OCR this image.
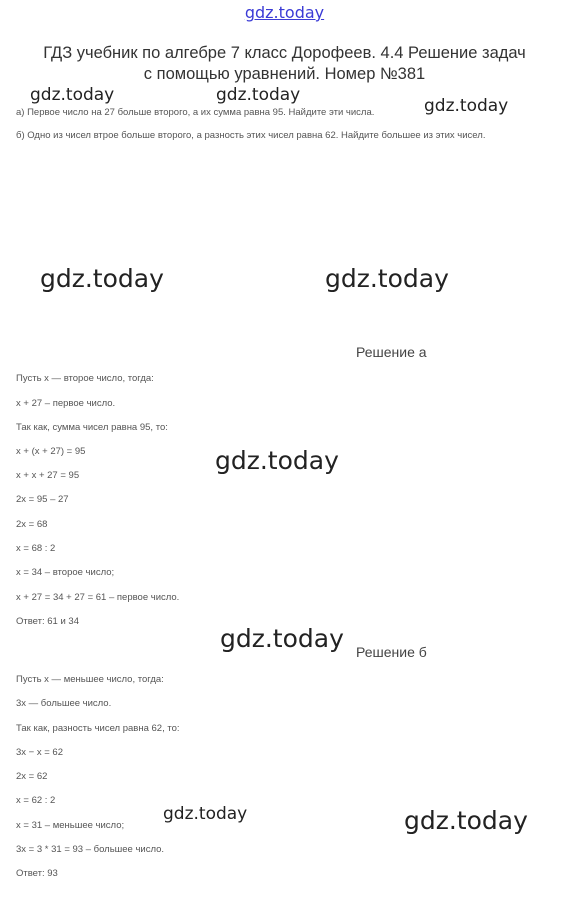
gdz.today
ГДЗ учебник по алгебре 7 класс Дорофеев. 4.4 Решение задач
с помощью уравнений. Номер №381
а) Первое число на 27 больше второго, а их сумма равна 95. Найдите эти числа.
б) Одно из чисел втрое больше второго, а разность этих чисел равна 62. Найдите большее из этих чисел.
Решение а
Пусть x — второе число, тогда:
x + 27 – первое число.
Так как, сумма чисел равна 95, то:
x + (x + 27) = 95
x + x + 27 = 95
2x = 95 – 27
2x = 68
x = 68 : 2
x = 34 – второе число;
x + 27 = 34 + 27 = 61 – первое число.
Ответ: 61 и 34
Решение б
Пусть x — меньшее число, тогда:
3x — большее число.
Так как, разность чисел равна 62, то:
3x − x = 62
2x = 62
x = 62 : 2
x = 31 – меньшее число;
3x = 3 * 31 = 93 – большее число.
Ответ: 93
gdz.today	gdz.today
gdz.today
gdz.today	gdz.today
gdz.today
gdz.today
gdz.today	gdz.today
